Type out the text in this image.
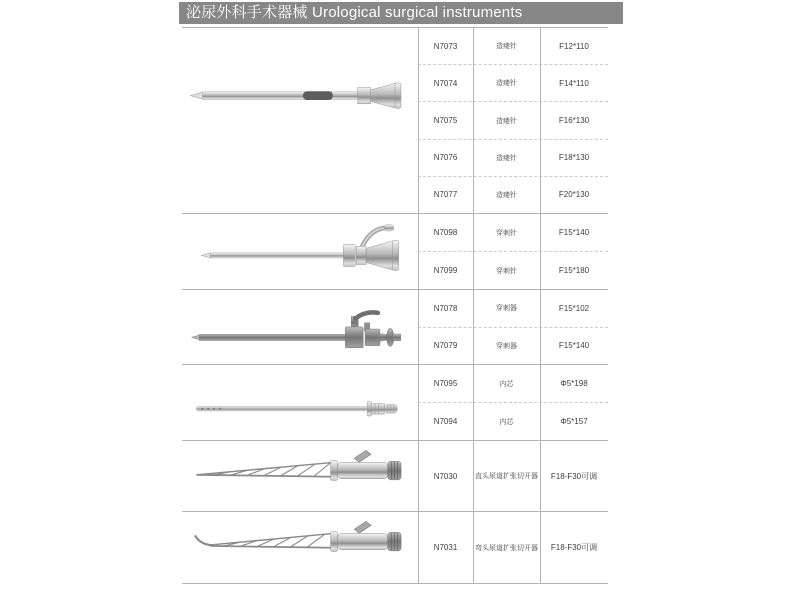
泌尿外科手术器械 Urological surgical instruments
N7073	造瘘针	F12*110
N7074	造瘘针	F14*110
N7075	造瘘针	F16*130
N7076	造瘘针	F18*130
N7077	造瘘针	F20*130
N7098	穿刺针	F15*140
N7099	穿刺针	F15*180
N7078	穿刺器	F15*102
N7079	穿刺器	F15*140
N7095	内芯	Φ5*198
N7094	内芯	Φ5*157
N7030	直头尿道扩张切开器	F18-F30可调
N7031	弯头尿道扩张切开器	F18-F30可调
